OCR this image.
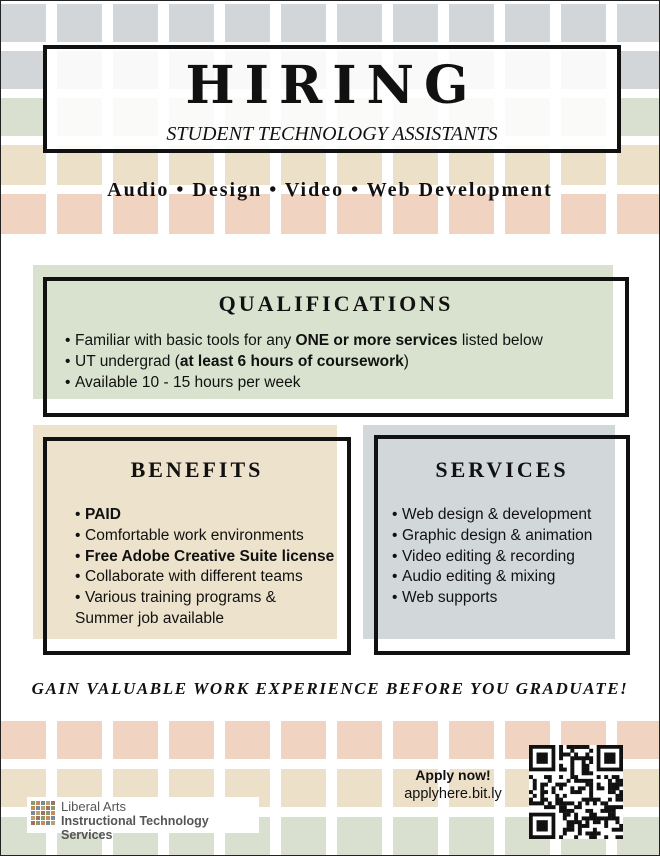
HIRING
STUDENT TECHNOLOGY ASSISTANTS
Audio • Design • Video • Web Development
QUALIFICATIONS
• Familiar with basic tools for any ONE or more services listed below
• UT undergrad (at least 6 hours of coursework)
• Available 10 - 15 hours per week
BENEFITS
• PAID
• Comfortable work environments
• Free Adobe Creative Suite license
• Collaborate with different teams
• Various training programs &
Summer job available
SERVICES
• Web design & development
• Graphic design & animation
• Video editing & recording
• Audio editing & mixing
• Web supports
GAIN VALUABLE WORK EXPERIENCE BEFORE YOU GRADUATE!
Liberal Arts
Instructional Technology Services
Apply now!
applyhere.bit.ly
